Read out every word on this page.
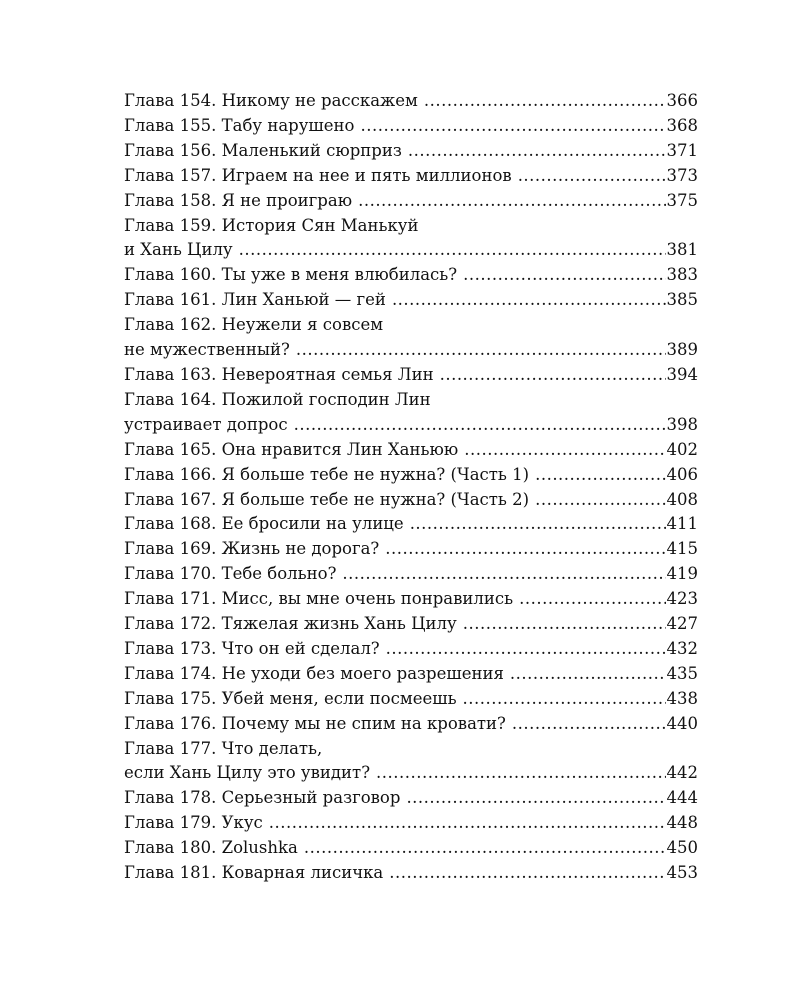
Глава 154. Никому не расскажем .....	366
Глава 155. Табу нарушено .....	368
Глава 156. Маленький сюрприз .....	371
Глава 157. Играем на нее и пять миллионов .....	373
Глава 158. Я не проиграю .....	375
Глава 159. История Сян Манькуй
и Хань Цилу .....	381
Глава 160. Ты уже в меня влюбилась? .....	383
Глава 161. Лин Ханьюй — гей .....	385
Глава 162. Неужели я совсем
не мужественный? .....	389
Глава 163. Невероятная семья Лин .....	394
Глава 164. Пожилой господин Лин
устраивает допрос .....	398
Глава 165. Она нравится Лин Ханьюю .....	402
Глава 166. Я больше тебе не нужна? (Часть 1) .....	406
Глава 167. Я больше тебе не нужна? (Часть 2) .....	408
Глава 168. Ее бросили на улице .....	411
Глава 169. Жизнь не дорога? .....	415
Глава 170. Тебе больно? .....	419
Глава 171. Мисс, вы мне очень понравились .....	423
Глава 172. Тяжелая жизнь Хань Цилу .....	427
Глава 173. Что он ей сделал? .....	432
Глава 174. Не уходи без моего разрешения .....	435
Глава 175. Убей меня, если посмеешь .....	438
Глава 176. Почему мы не спим на кровати? .....	440
Глава 177. Что делать,
если Хань Цилу это увидит? .....	442
Глава 178. Серьезный разговор .....	444
Глава 179. Укус .....	448
Глава 180. Zolushka .....	450
Глава 181. Коварная лисичка .....	453
